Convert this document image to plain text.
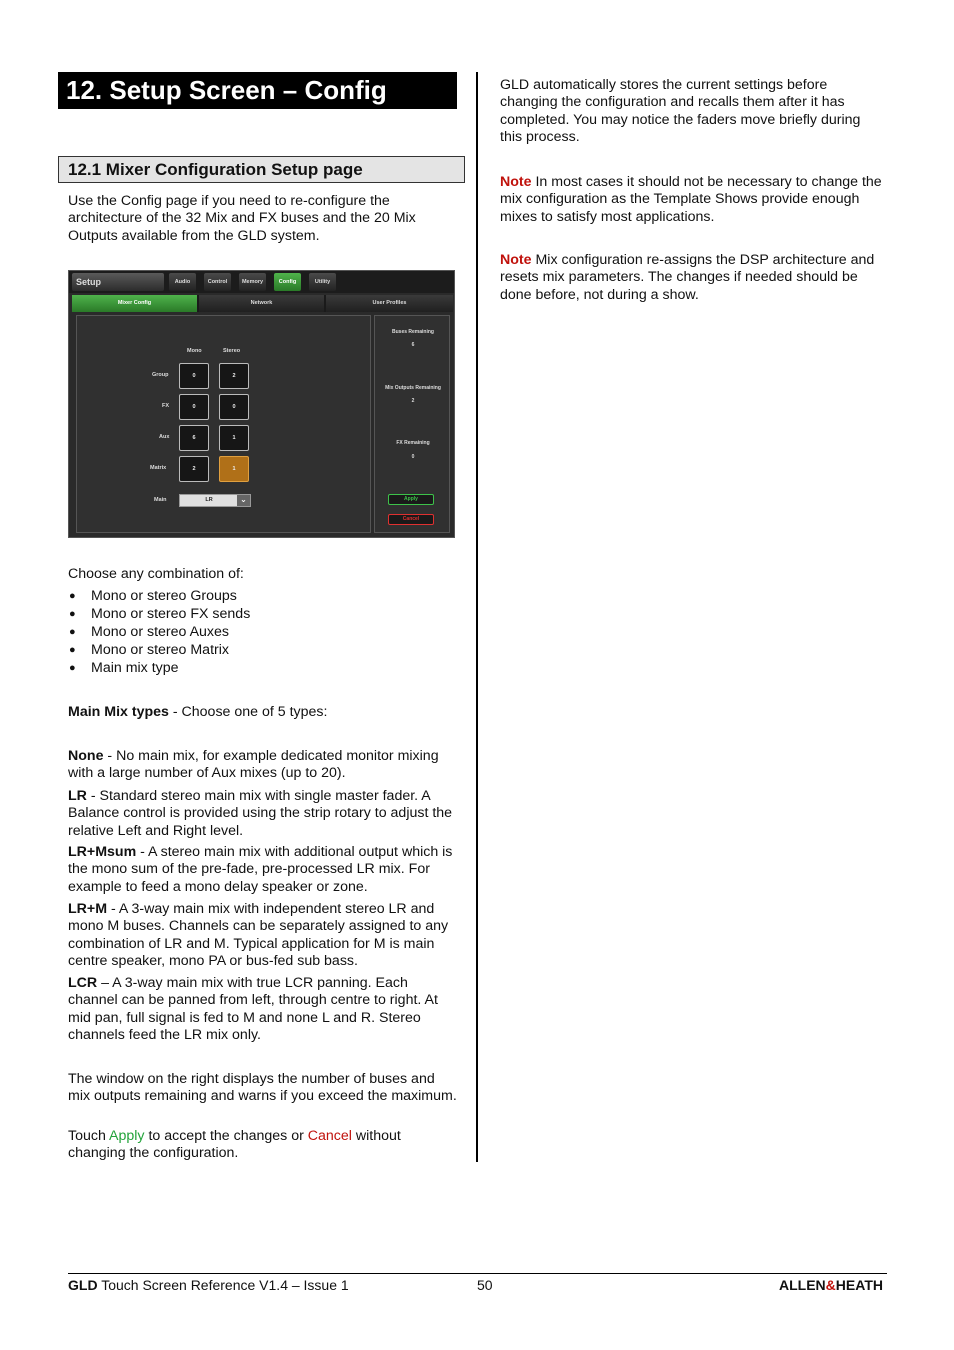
12. Setup Screen – Config
12.1 Mixer Configuration Setup page

Use the Config page if you need to re-configure the architecture of the 32 Mix and FX buses and the 20 Mix Outputs available from the GLD system.

Setup	Audio	Control	Memory	Config	Utility
Mixer Config	Network	User Profiles
Mono	Stereo
Group	0	2
FX	0	0
Aux	6	1
Matrix	2	1
Main	LR	⌄
Buses Remaining
6
Mix Outputs Remaining
2
FX Remaining
0
Apply
Cancel

Choose any combination of:

● Mono or stereo Groups
● Mono or stereo FX sends
● Mono or stereo Auxes
● Mono or stereo Matrix
● Main mix type

Main Mix types - Choose one of 5 types:

None - No main mix, for example dedicated monitor mixing with a large number of Aux mixes (up to 20).

LR - Standard stereo main mix with single master fader. A Balance control is provided using the strip rotary to adjust the relative Left and Right level.

LR+Msum - A stereo main mix with additional output which is the mono sum of the pre-fade, pre-processed LR mix. For example to feed a mono delay speaker or zone.

LR+M - A 3-way main mix with independent stereo LR and mono M buses. Channels can be separately assigned to any combination of LR and M. Typical application for M is main centre speaker, mono PA or bus-fed sub bass.

LCR – A 3-way main mix with true LCR panning. Each channel can be panned from left, through centre to right. At mid pan, full signal is fed to M and none L and R. Stereo channels feed the LR mix only.

The window on the right displays the number of buses and mix outputs remaining and warns if you exceed the maximum.

Touch Apply to accept the changes or Cancel without changing the configuration.

GLD automatically stores the current settings before changing the configuration and recalls them after it has completed. You may notice the faders move briefly during this process.

Note In most cases it should not be necessary to change the mix configuration as the Template Shows provide enough mixes to satisfy most applications.

Note Mix configuration re-assigns the DSP architecture and resets mix parameters. The changes if needed should be done before, not during a show.

GLD Touch Screen Reference V1.4 – Issue 1	50	ALLEN&HEATH
